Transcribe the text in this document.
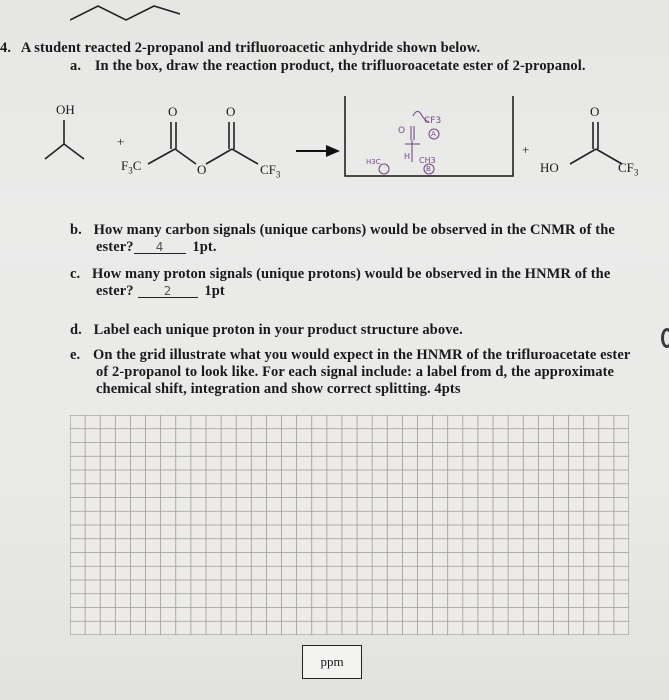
4. A student reacted 2-propanol and trifluoroacetic anhydride shown below.
a. In the box, draw the reaction product, the trifluoroacetate ester of 2-propanol.
OH
+
O	O
$F_3C$	O	$CF_3$
+
O
HO	$CF_3$
CF3
O
H CH3
A
B
H3C
b. How many carbon signals (unique carbons) would be observed in the CNMR of the
ester? 4 1pt.
c. How many proton signals (unique protons) would be observed in the HNMR of the
ester?	2 1pt
d. Label each unique proton in your product structure above.
e. On the grid illustrate what you would expect in the HNMR of the trifluroacetate ester
of 2-propanol to look like. For each signal include: a label from d, the approximate
chemical shift, integration and show correct splitting. 4pts
ppm
